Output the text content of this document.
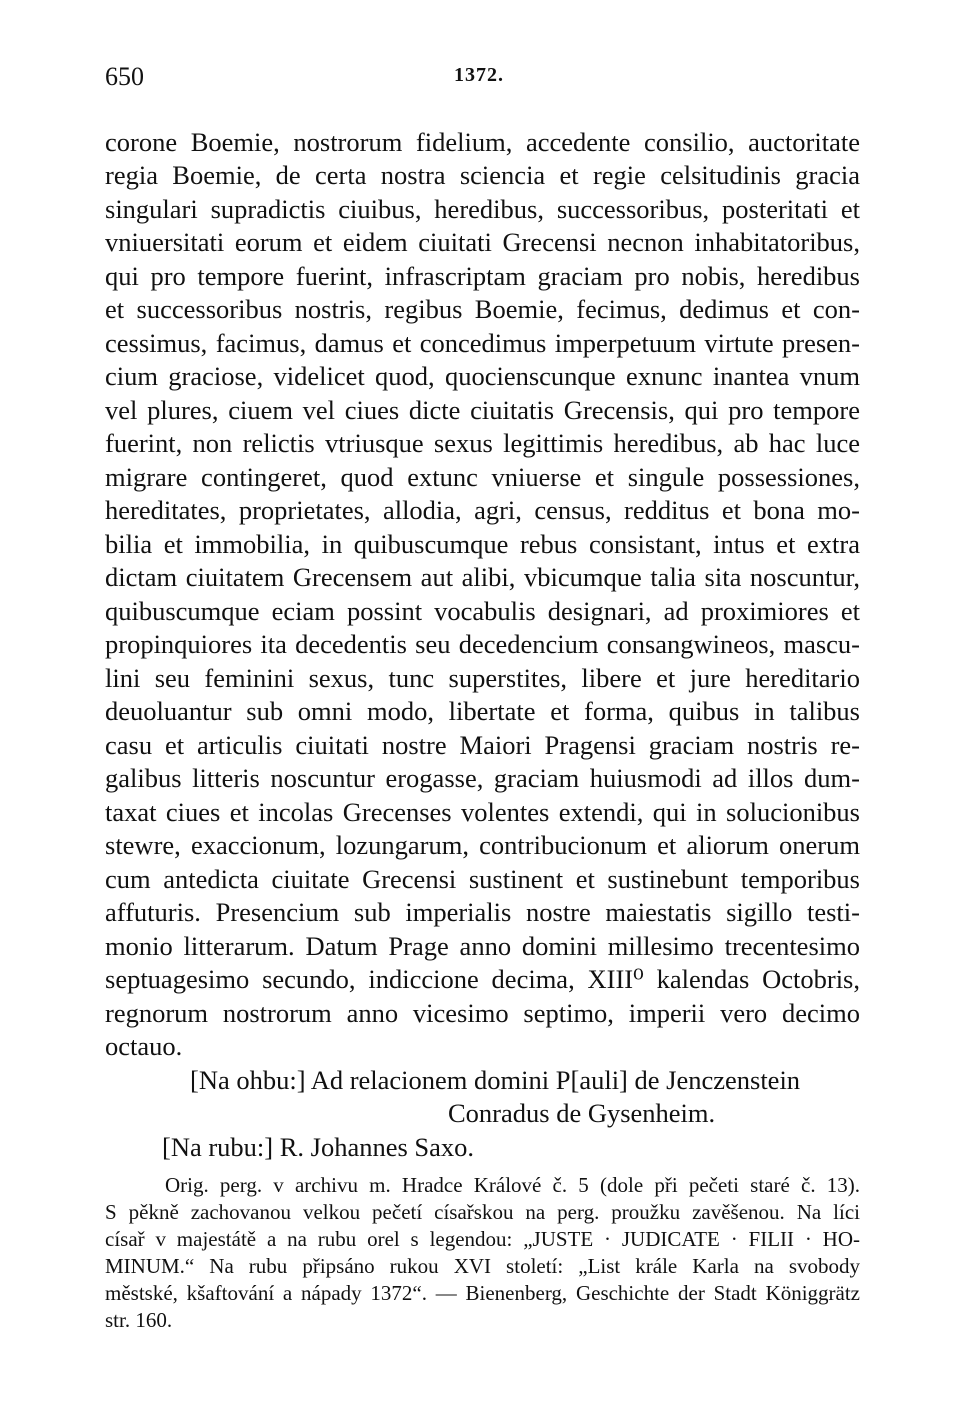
650	1372.
corone Boemie, nostrorum fidelium, accedente consilio, auctoritate
regia Boemie, de certa nostra sciencia et regie celsitudinis gracia
singulari supradictis ciuibus, heredibus, successoribus, posteritati et
vniuersitati eorum et eidem ciuitati Grecensi necnon inhabitatoribus,
qui pro tempore fuerint, infrascriptam graciam pro nobis, heredibus
et successoribus nostris, regibus Boemie, fecimus, dedimus et con-
cessimus, facimus, damus et concedimus imperpetuum virtute presen-
cium graciose, videlicet quod, quocienscunque exnunc inantea vnum
vel plures, ciuem vel ciues dicte ciuitatis Grecensis, qui pro tempore
fuerint, non relictis vtriusque sexus legittimis heredibus, ab hac luce
migrare contingeret, quod extunc vniuerse et singule possessiones,
hereditates, proprietates, allodia, agri, census, redditus et bona mo-
bilia et immobilia, in quibuscumque rebus consistant, intus et extra
dictam ciuitatem Grecensem aut alibi, vbicumque talia sita noscuntur,
quibuscumque eciam possint vocabulis designari, ad proximiores et
propinquiores ita decedentis seu decedencium consangwineos, mascu-
lini seu feminini sexus, tunc superstites, libere et jure hereditario
deuoluantur sub omni modo, libertate et forma, quibus in talibus
casu et articulis ciuitati nostre Maiori Pragensi graciam nostris re-
galibus litteris noscuntur erogasse, graciam huiusmodi ad illos dum-
taxat ciues et incolas Grecenses volentes extendi, qui in solucionibus
stewre, exaccionum, lozungarum, contribucionum et aliorum onerum
cum antedicta ciuitate Grecensi sustinent et sustinebunt temporibus
affuturis. Presencium sub imperialis nostre maiestatis sigillo testi-
monio litterarum. Datum Prage anno domini millesimo trecentesimo
septuagesimo secundo, indiccione decima, XIII⁰ kalendas Octobris,
regnorum nostrorum anno vicesimo septimo, imperii vero decimo
octauo.
[Na ohbu:] Ad relacionem domini P[auli] de Jenczenstein
Conradus de Gysenheim.
[Na rubu:] R. Johannes Saxo.
Orig. perg. v archivu m. Hradce Králové č. 5 (dole při pečeti staré č. 13).
S pěkně zachovanou velkou pečetí císařskou na perg. proužku zavěšenou. Na líci
císař v majestátě a na rubu orel s legendou: „JUSTE · JUDICATE · FILII · HO-
MINUM.“ Na rubu připsáno rukou XVI století: „List krále Karla na svobody
městské, kšaftování a nápady 1372“. — Bienenberg, Geschichte der Stadt Königgrätz
str. 160.
